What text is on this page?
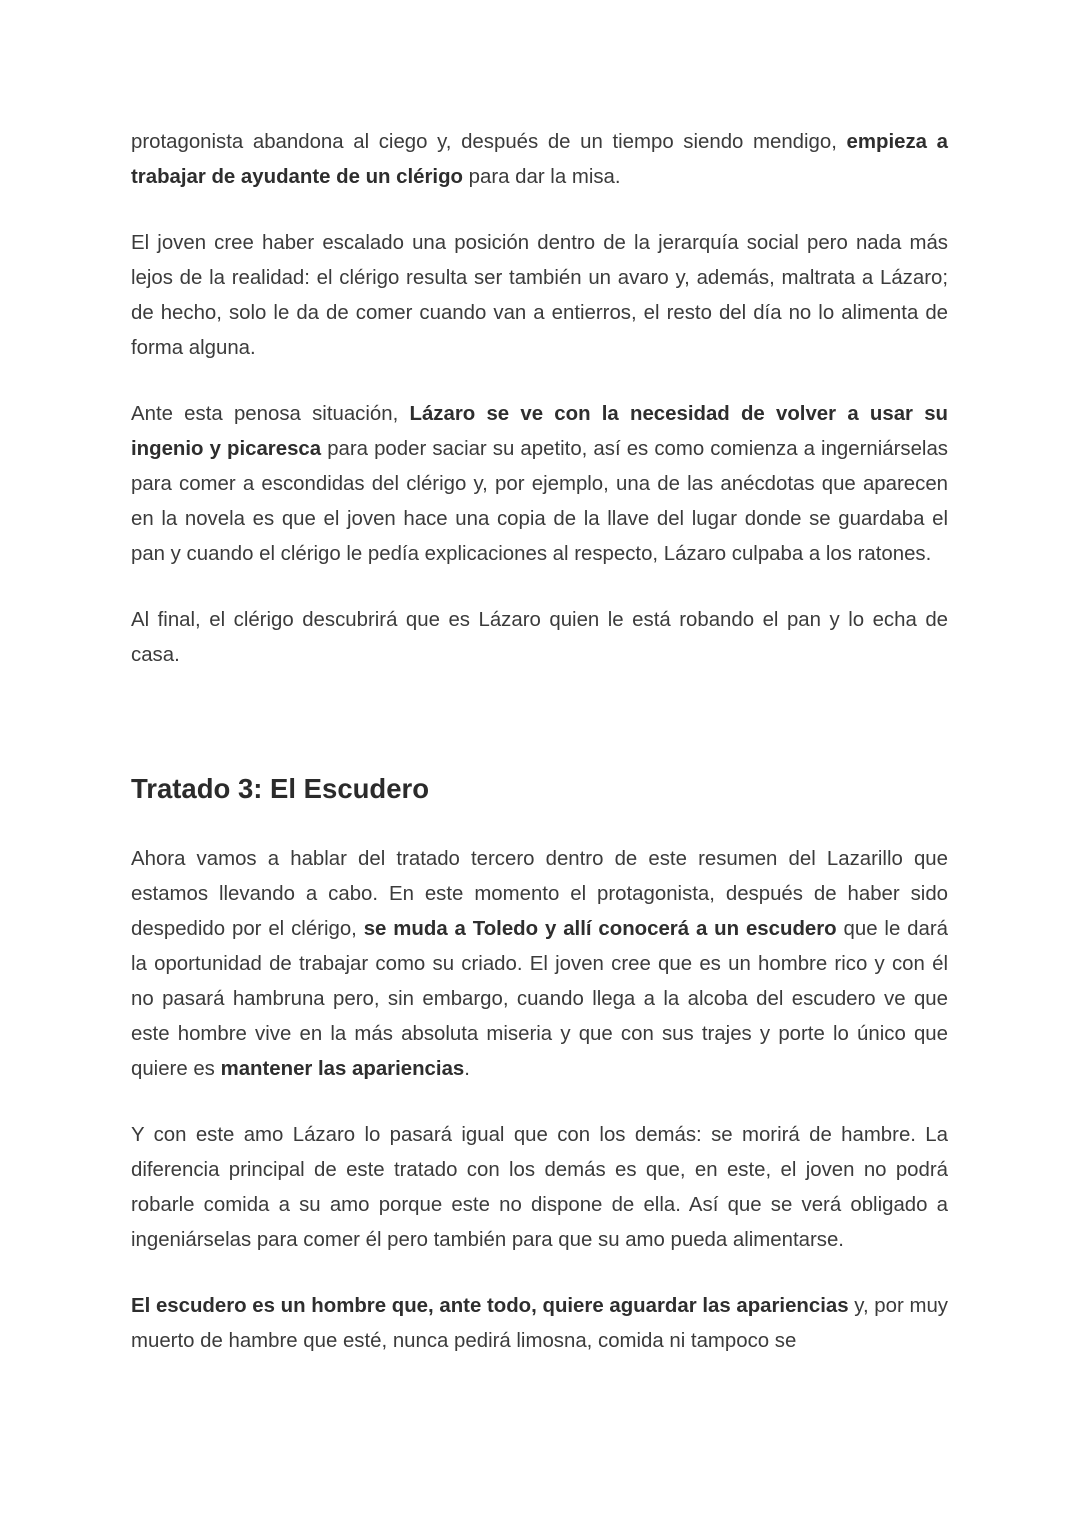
protagonista abandona al ciego y, después de un tiempo siendo mendigo, empieza a trabajar de ayudante de un clérigo para dar la misa.

El joven cree haber escalado una posición dentro de la jerarquía social pero nada más lejos de la realidad: el clérigo resulta ser también un avaro y, además, maltrata a Lázaro; de hecho, solo le da de comer cuando van a entierros, el resto del día no lo alimenta de forma alguna.

Ante esta penosa situación, Lázaro se ve con la necesidad de volver a usar su ingenio y picaresca para poder saciar su apetito, así es como comienza a ingerniárselas para comer a escondidas del clérigo y, por ejemplo, una de las anécdotas que aparecen en la novela es que el joven hace una copia de la llave del lugar donde se guardaba el pan y cuando el clérigo le pedía explicaciones al respecto, Lázaro culpaba a los ratones.

Al final, el clérigo descubrirá que es Lázaro quien le está robando el pan y lo echa de casa.

Tratado 3: El Escudero

Ahora vamos a hablar del tratado tercero dentro de este resumen del Lazarillo que estamos llevando a cabo. En este momento el protagonista, después de haber sido despedido por el clérigo, se muda a Toledo y allí conocerá a un escudero que le dará la oportunidad de trabajar como su criado. El joven cree que es un hombre rico y con él no pasará hambruna pero, sin embargo, cuando llega a la alcoba del escudero ve que este hombre vive en la más absoluta miseria y que con sus trajes y porte lo único que quiere es mantener las apariencias.

Y con este amo Lázaro lo pasará igual que con los demás: se morirá de hambre. La diferencia principal de este tratado con los demás es que, en este, el joven no podrá robarle comida a su amo porque este no dispone de ella. Así que se verá obligado a ingeniárselas para comer él pero también para que su amo pueda alimentarse.

El escudero es un hombre que, ante todo, quiere aguardar las apariencias y, por muy muerto de hambre que esté, nunca pedirá limosna, comida ni tampoco se
